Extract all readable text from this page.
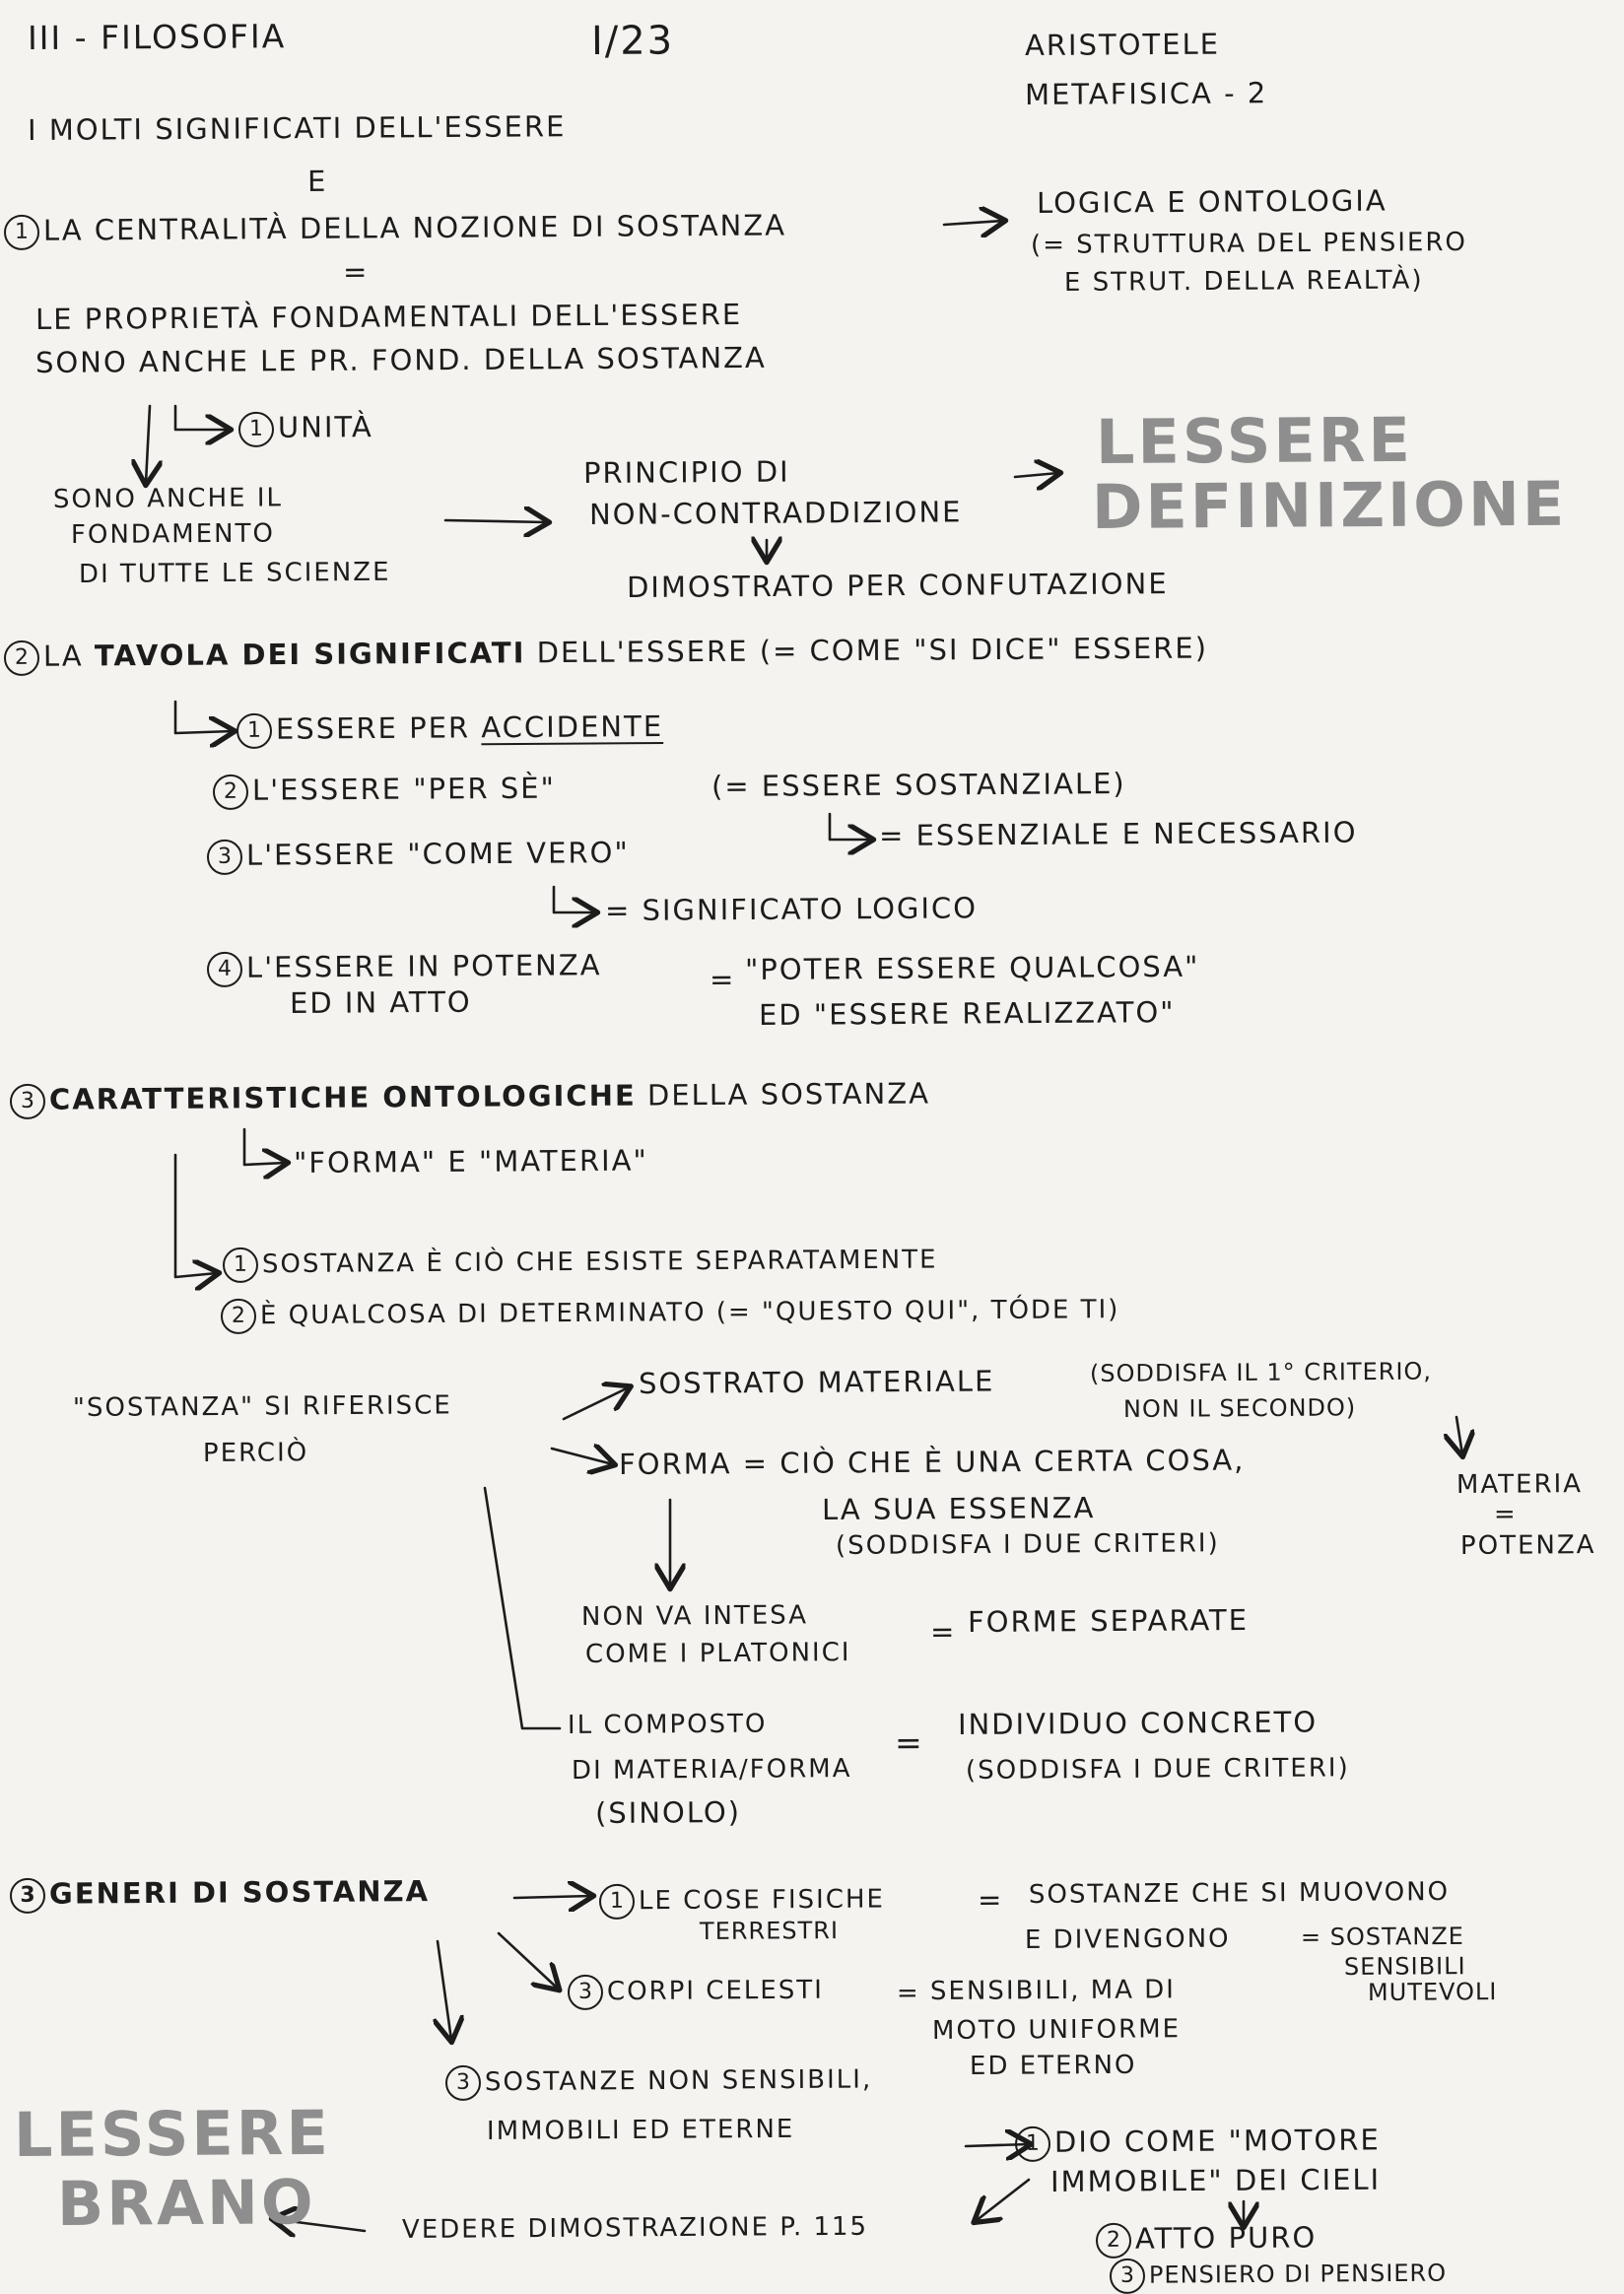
III - FILOSOFIA	I/23	ARISTOTELE
METAFISICA - 2
I MOLTI SIGNIFICATI DELL'ESSERE
E
1 LA CENTRALITÀ DELLA NOZIONE DI SOSTANZA
LOGICA E ONTOLOGIA
(= STRUTTURA DEL PENSIERO
E STRUT. DELLA REALTÀ)
=
LE PROPRIETÀ FONDAMENTALI DELL'ESSERE
SONO ANCHE LE PR. FOND. DELLA SOSTANZA
1 UNITÀ
SONO ANCHE IL
FONDAMENTO
DI TUTTE LE SCIENZE
PRINCIPIO DI
NON-CONTRADDIZIONE
DIMOSTRATO PER CONFUTAZIONE
LESSERE
DEFINIZIONE
2 LA TAVOLA DEI SIGNIFICATI DELL'ESSERE (= COME "SI DICE" ESSERE)
1 ESSERE PER ACCIDENTE
2 L'ESSERE "PER SÈ"	(= ESSERE SOSTANZIALE)
= ESSENZIALE E NECESSARIO
3 L'ESSERE "COME VERO"
= SIGNIFICATO LOGICO
4 L'ESSERE IN POTENZA
ED IN ATTO
= "POTER ESSERE QUALCOSA"
ED "ESSERE REALIZZATO"
3 CARATTERISTICHE ONTOLOGICHE DELLA SOSTANZA
"FORMA" E "MATERIA"
1 SOSTANZA È CIÒ CHE ESISTE SEPARATAMENTE
2 È QUALCOSA DI DETERMINATO (= "QUESTO QUI", TÓDE TI)
"SOSTANZA" SI RIFERISCE
PERCIÒ
SOSTRATO MATERIALE	(SODDISFA IL 1° CRITERIO,
NON IL SECONDO)
MATERIA
=
POTENZA
FORMA = CIÒ CHE È UNA CERTA COSA,
LA SUA ESSENZA
(SODDISFA I DUE CRITERI)
NON VA INTESA
COME I PLATONICI
= FORME SEPARATE
IL COMPOSTO
DI MATERIA/FORMA
(SINOLO)
=
INDIVIDUO CONCRETO
(SODDISFA I DUE CRITERI)
3 GENERI DI SOSTANZA	1 LE COSE FISICHE
TERRESTRI
= SOSTANZE CHE SI MUOVONO
E DIVENGONO	= SOSTANZE
SENSIBILI
MUTEVOLI
3 CORPI CELESTI	= SENSIBILI, MA DI
MOTO UNIFORME
ED ETERNO
3 SOSTANZE NON SENSIBILI,
IMMOBILI ED ETERNE	1 DIO COME "MOTORE
IMMOBILE" DEI CIELI
2 ATTO PURO
3 PENSIERO DI PENSIERO
VEDERE DIMOSTRAZIONE P. 115
LESSERE
BRANO
